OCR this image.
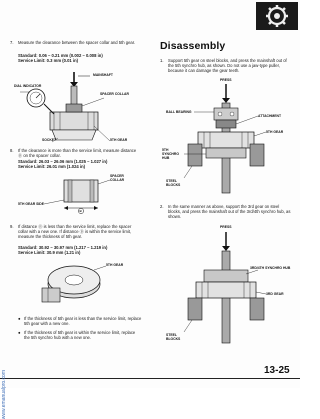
Disassembly
7. Measure the clearance between the spacer collar and 5th gear.
Standard: 0.06 – 0.21 mm (0.002 – 0.008 in)
Service Limit: 0.3 mm (0.01 in)
MAINSHAFT
DIAL INDICATOR
SPACER COLLAR
SOCKET	5TH GEAR
8. If the clearance is more than the service limit, measure distance Ⓑ on the spacer collar.
Standard: 26.03 – 26.06 mm (1.025 – 1.027 in)
Service Limit: 26.01 mm (1.024 in)
SPACER COLLAR
5TH GEAR SIDE
B
9. If distance Ⓑ is less than the service limit, replace the spacer collar with a new one. If distance Ⓑ is within the service limit, measure the thickness of 5th gear.
Standard: 30.92 – 30.97 mm (1.217 – 1.219 in)
Service Limit: 30.9 mm (1.21 in)
5TH GEAR
● If the thickness of 5th gear is less than the service limit, replace 5th gear with a new one.
● If the thickness of 5th gear is within the service limit, replace the 5th synchro hub with a new one.
1. Support 5th gear on steel blocks, and press the mainshaft out of the 5th synchro hub, as shown. Do not use a jaw-type puller, because it can damage the gear teeth.
PRESS
BALL BEARING
ATTACHMENT
5TH GEAR
5TH SYNCHRO HUB
STEEL BLOCKS
2. In the same manner as above, support the 3rd gear on steel blocks, and press the mainshaft out of the 3rd/4th synchro hub, as shown.
PRESS
3RD/4TH SYNCHRO HUB
3RD GEAR
STEEL BLOCKS
13-25
www.emanualpro.com
